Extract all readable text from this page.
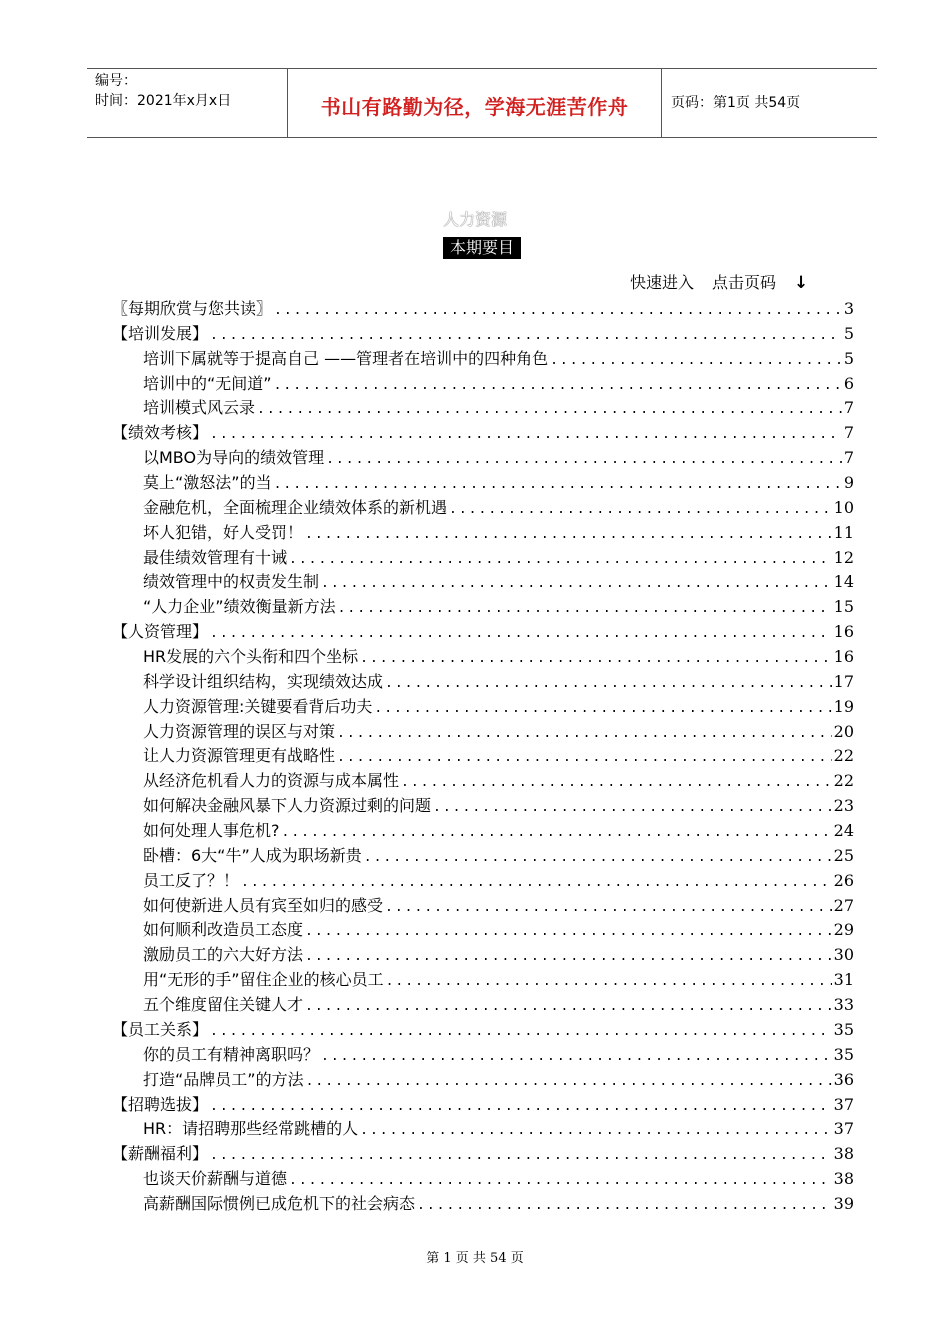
编号：
时间：2021年x月x日	书山有路勤为径，学海无涯苦作舟	页码：第1页 共54页
人力资源
本期要目
快速进入 点击页码 ↓
〖每期欣赏与您共读〗 .....	3
【培训发展】 .....	5
培训下属就等于提高自己 ——管理者在培训中的四种角色 .....	5
培训中的“无间道” .....	6
培训模式风云录 .....	7
【绩效考核】 .....	7
以MBO为导向的绩效管理 .....	7
莫上“激怒法”的当 .....	9
金融危机，全面梳理企业绩效体系的新机遇 .....	10
坏人犯错，好人受罚！ .....	11
最佳绩效管理有十诫 .....	12
绩效管理中的权责发生制 .....	14
“人力企业”绩效衡量新方法 .....	15
【人资管理】 .....	16
HR发展的六个头衔和四个坐标 .....	16
科学设计组织结构，实现绩效达成 .....	17
人力资源管理:关键要看背后功夫 .....	19
人力资源管理的误区与对策 .....	20
让人力资源管理更有战略性 .....	22
从经济危机看人力的资源与成本属性 .....	22
如何解决金融风暴下人力资源过剩的问题 .....	23
如何处理人事危机? .....	24
卧槽：6大“牛”人成为职场新贵 .....	25
员工反了？！ .....	26
如何使新进人员有宾至如归的感受 .....	27
如何顺利改造员工态度 .....	29
激励员工的六大好方法 .....	30
用“无形的手”留住企业的核心员工 .....	31
五个维度留住关键人才 .....	33
【员工关系】 .....	35
你的员工有精神离职吗？ .....	35
打造“品牌员工”的方法 .....	36
【招聘选拔】 .....	37
HR：请招聘那些经常跳槽的人 .....	37
【薪酬福利】 .....	38
也谈天价薪酬与道德 .....	38
高薪酬国际惯例已成危机下的社会病态 .....	39
第 1 页 共 54 页
